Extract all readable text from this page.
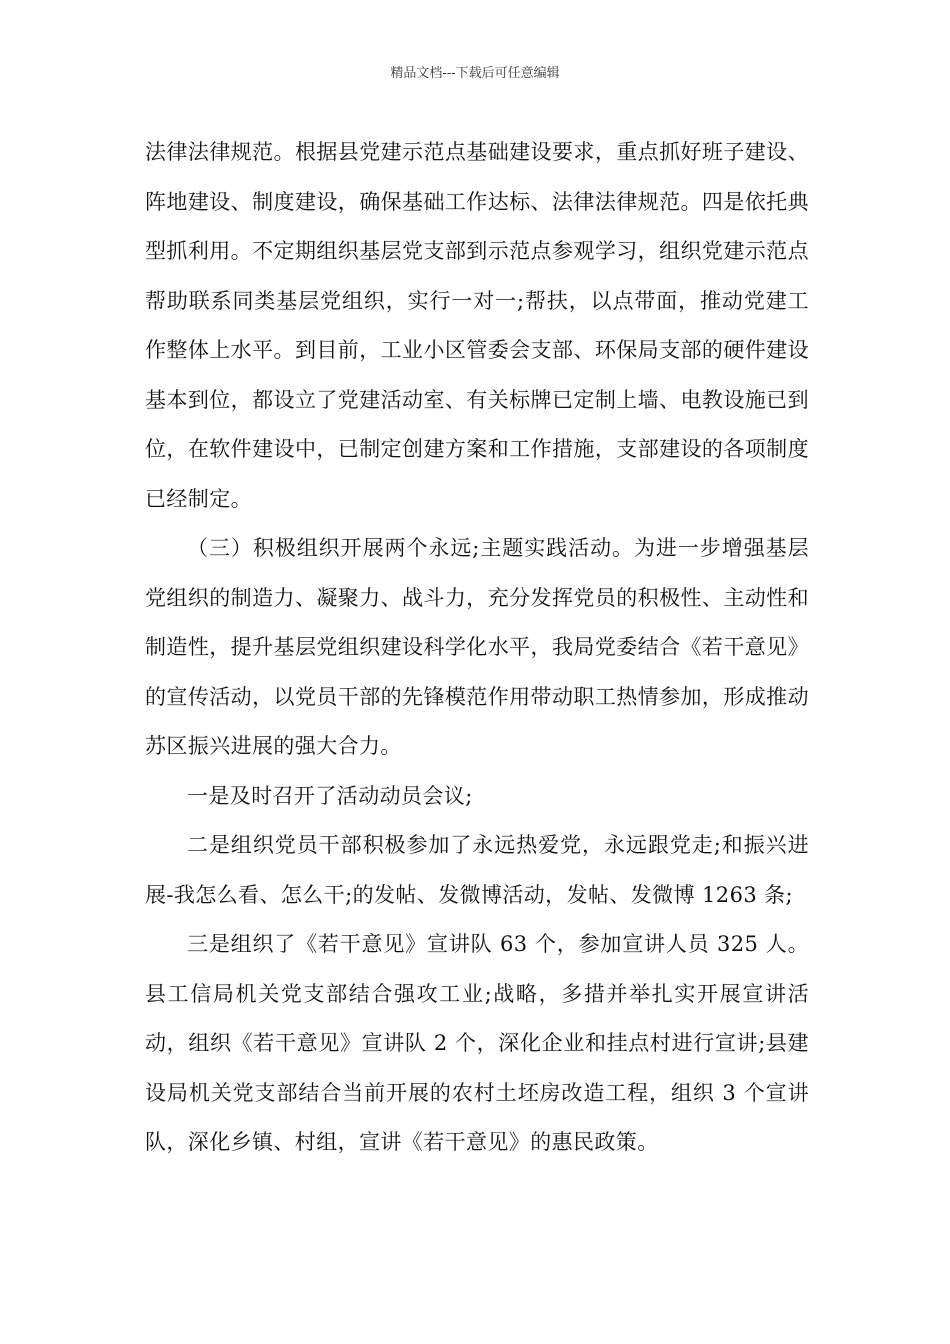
精品文档---下载后可任意编辑

法律法律规范。根据县党建示范点基础建设要求，重点抓好班子建设、阵地建设、制度建设，确保基础工作达标、法律法律规范。四是依托典型抓利用。不定期组织基层党支部到示范点参观学习，组织党建示范点帮助联系同类基层党组织，实行一对一;帮扶，以点带面，推动党建工作整体上水平。到目前，工业小区管委会支部、环保局支部的硬件建设基本到位，都设立了党建活动室、有关标牌已定制上墙、电教设施已到位，在软件建设中，已制定创建方案和工作措施，支部建设的各项制度已经制定。

（三）积极组织开展两个永远;主题实践活动。为进一步增强基层党组织的制造力、凝聚力、战斗力，充分发挥党员的积极性、主动性和制造性，提升基层党组织建设科学化水平，我局党委结合《若干意见》的宣传活动，以党员干部的先锋模范作用带动职工热情参加，形成推动苏区振兴进展的强大合力。

一是及时召开了活动动员会议;

二是组织党员干部积极参加了永远热爱党，永远跟党走;和振兴进展-我怎么看、怎么干;的发帖、发微博活动，发帖、发微博 1263 条;

三是组织了《若干意见》宣讲队 63 个，参加宣讲人员 325 人。县工信局机关党支部结合强攻工业;战略，多措并举扎实开展宣讲活动，组织《若干意见》宣讲队 2 个，深化企业和挂点村进行宣讲;县建设局机关党支部结合当前开展的农村土坯房改造工程，组织 3 个宣讲队，深化乡镇、村组，宣讲《若干意见》的惠民政策。
